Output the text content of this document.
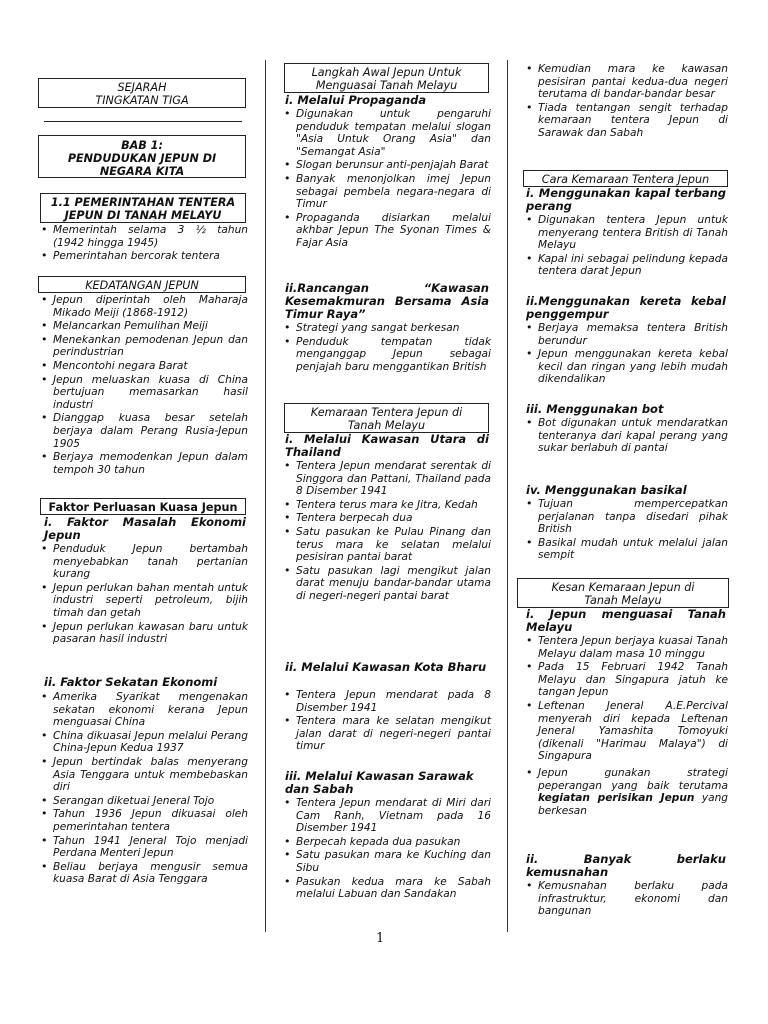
SEJARAH
TINGKATAN TIGA
BAB 1:
PENDUDUKAN JEPUN DI
NEGARA KITA
1.1 PEMERINTAHAN TENTERA JEPUN DI TANAH MELAYU
• Memerintah selama 3 ½ tahun (1942 hingga 1945)
• Pemerintahan bercorak tentera
KEDATANGAN JEPUN
• Jepun diperintah oleh Maharaja Mikado Meiji (1868-1912)
• Melancarkan Pemulihan Meiji
• Menekankan pemodenan Jepun dan perindustrian
• Mencontohi negara Barat
• Jepun meluaskan kuasa di China bertujuan memasarkan hasil industri
• Dianggap kuasa besar setelah berjaya dalam Perang Rusia-Jepun 1905
• Berjaya memodenkan Jepun dalam tempoh 30 tahun
Faktor Perluasan Kuasa Jepun
i. Faktor Masalah Ekonomi Jepun
• Penduduk Jepun bertambah menyebabkan tanah pertanian kurang
• Jepun perlukan bahan mentah untuk industri seperti petroleum, bijih timah dan getah
• Jepun perlukan kawasan baru untuk pasaran hasil industri
ii. Faktor Sekatan Ekonomi
• Amerika Syarikat mengenakan sekatan ekonomi kerana Jepun menguasai China
• China dikuasai Jepun melalui Perang China-Jepun Kedua 1937
• Jepun bertindak balas menyerang Asia Tenggara untuk membebaskan diri
• Serangan diketuai Jeneral Tojo
• Tahun 1936 Jepun dikuasai oleh pemerintahan tentera
• Tahun 1941 Jeneral Tojo menjadi Perdana Menteri Jepun
• Beliau berjaya mengusir semua kuasa Barat di Asia Tenggara
Langkah Awal Jepun Untuk
Menguasai Tanah Melayu
i. Melalui Propaganda
• Digunakan untuk pengaruhi penduduk tempatan melalui slogan "Asia Untuk Orang Asia" dan "Semangat Asia"
• Slogan berunsur anti-penjajah Barat
• Banyak menonjolkan imej Jepun sebagai pembela negara-negara di Timur
• Propaganda disiarkan melalui akhbar Jepun The Syonan Times & Fajar Asia
ii.Rancangan “Kawasan Kesemakmuran Bersama Asia Timur Raya”
• Strategi yang sangat berkesan
• Penduduk tempatan tidak menganggap Jepun sebagai penjajah baru menggantikan British
Kemaraan Tentera Jepun di
Tanah Melayu
i. Melalui Kawasan Utara di Thailand
• Tentera Jepun mendarat serentak di Singgora dan Pattani, Thailand pada 8 Disember 1941
• Tentera terus mara ke Jitra, Kedah
• Tentera berpecah dua
• Satu pasukan ke Pulau Pinang dan terus mara ke selatan melalui pesisiran pantai barat
• Satu pasukan lagi mengikut jalan darat menuju bandar-bandar utama di negeri-negeri pantai barat
ii. Melalui Kawasan Kota Bharu
• Tentera Jepun mendarat pada 8 Disember 1941
• Tentera mara ke selatan mengikut jalan darat di negeri-negeri pantai timur
iii. Melalui Kawasan Sarawak dan Sabah
• Tentera Jepun mendarat di Miri dari Cam Ranh, Vietnam pada 16 Disember 1941
• Berpecah kepada dua pasukan
• Satu pasukan mara ke Kuching dan Sibu
• Pasukan kedua mara ke Sabah melalui Labuan dan Sandakan
• Kemudian mara ke kawasan pesisiran pantai kedua-dua negeri terutama di bandar-bandar besar
• Tiada tentangan sengit terhadap kemaraan tentera Jepun di Sarawak dan Sabah
Cara Kemaraan Tentera Jepun
i. Menggunakan kapal terbang perang
• Digunakan tentera Jepun untuk menyerang tentera British di Tanah Melayu
• Kapal ini sebagai pelindung kepada tentera darat Jepun
ii.Menggunakan kereta kebal penggempur
• Berjaya memaksa tentera British berundur
• Jepun menggunakan kereta kebal kecil dan ringan yang lebih mudah dikendalikan
iii. Menggunakan bot
• Bot digunakan untuk mendaratkan tenteranya dari kapal perang yang sukar berlabuh di pantai
iv. Menggunakan basikal
• Tujuan mempercepatkan perjalanan tanpa disedari pihak British
• Basikal mudah untuk melalui jalan sempit
Kesan Kemaraan Jepun di
Tanah Melayu
i. Jepun menguasai Tanah Melayu
• Tentera Jepun berjaya kuasai Tanah Melayu dalam masa 10 minggu
• Pada 15 Februari 1942 Tanah Melayu dan Singapura jatuh ke tangan Jepun
• Leftenan Jeneral A.E.Percival menyerah diri kepada Leftenan Jeneral Yamashita Tomoyuki (dikenali "Harimau Malaya") di Singapura
• Jepun gunakan strategi peperangan yang baik terutama kegiatan perisikan Jepun yang berkesan
ii. Banyak berlaku kemusnahan
• Kemusnahan berlaku pada infrastruktur, ekonomi dan bangunan
1
